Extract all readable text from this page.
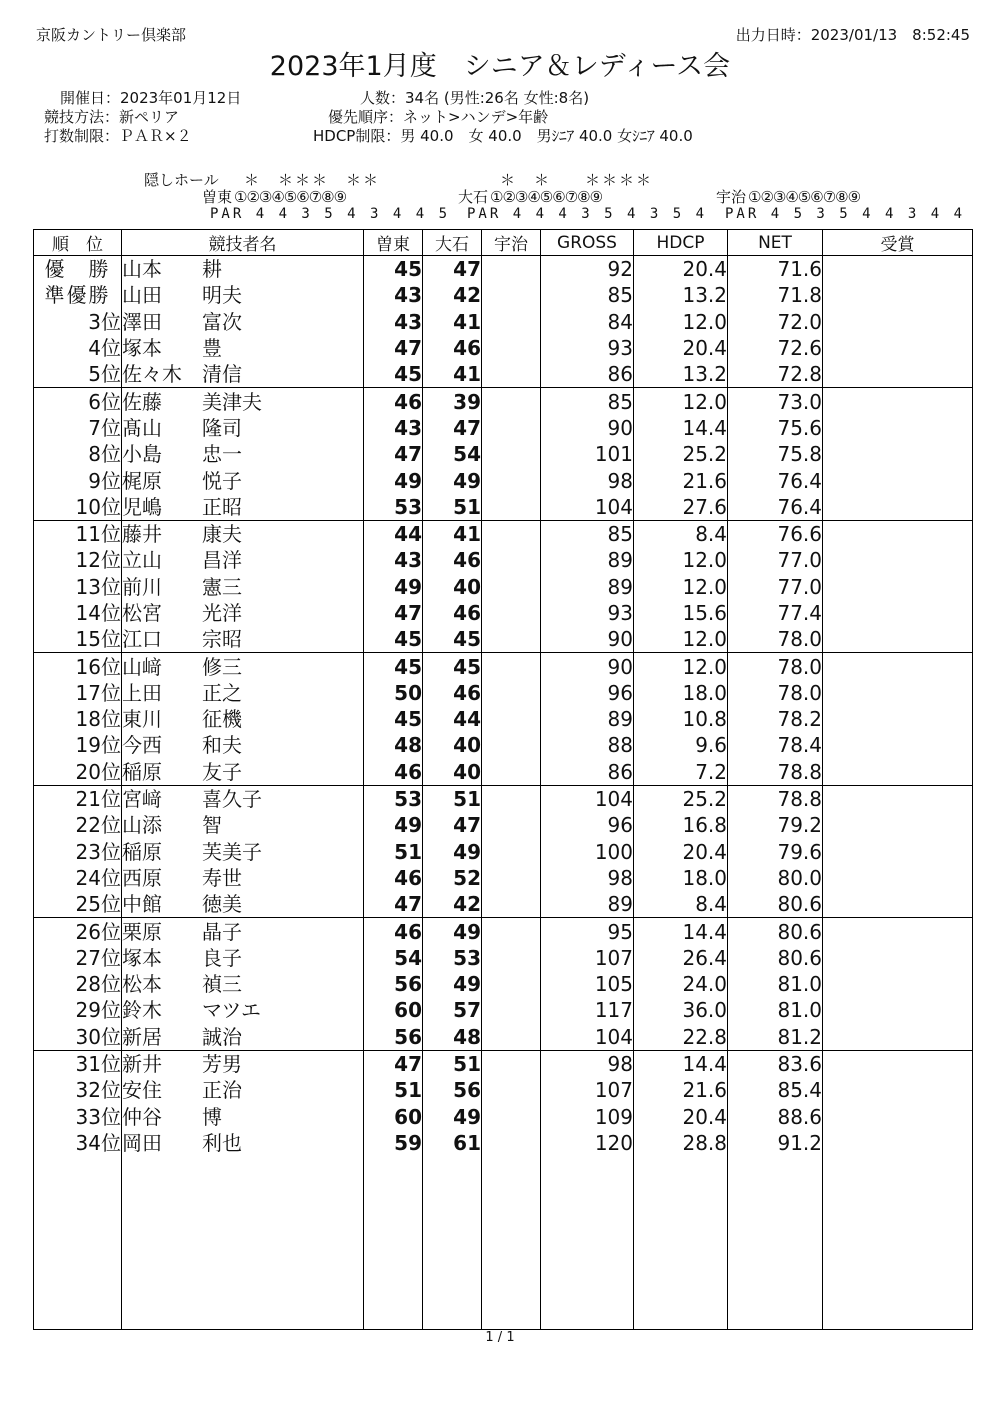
京阪カントリー倶楽部	出力日時：2023/01/13　8:52:45
2023年1月度　シニア＆レディース会
開催日：2023年01月12日
競技方法：新ペリア
打数制限：ＰＡＲ×２
人数：34名 (男性:26名 女性:8名)
優先順序：ネット>ハンデ>年齢
HDCP制限：男 40.0　女 40.0　男ｼﾆｱ 40.0 女ｼﾆｱ 40.0
隠しホール ＊　＊＊＊　＊＊	＊　＊　　＊＊＊＊
曽東 ①②③④⑤⑥⑦⑧⑨
PAR 4 4 3 5 4 3 4 4 5
大石 ①②③④⑤⑥⑦⑧⑨
PAR 4 4 4 3 5 4 3 5 4
宇治 ①②③④⑤⑥⑦⑧⑨
PAR 4 5 3 5 4 4 3 4 4
順　位	競技者名	曽東	大石	宇治	GROSS	HDCP	NET	受賞
優　勝	山本 耕	45	47		92	20.4	71.6	
準優勝	山田 明夫	43	42		85	13.2	71.8	
3位	澤田 富次	43	41		84	12.0	72.0	
4位	塚本 豊	47	46		93	20.4	72.6	
5位	佐々木 清信	45	41		86	13.2	72.8	
6位	佐藤 美津夫	46	39		85	12.0	73.0	
7位	髙山 隆司	43	47		90	14.4	75.6	
8位	小島 忠一	47	54		101	25.2	75.8	
9位	梶原 悦子	49	49		98	21.6	76.4	
10位	児嶋 正昭	53	51		104	27.6	76.4	
11位	藤井 康夫	44	41		85	8.4	76.6	
12位	立山 昌洋	43	46		89	12.0	77.0	
13位	前川 憲三	49	40		89	12.0	77.0	
14位	松宮 光洋	47	46		93	15.6	77.4	
15位	江口 宗昭	45	45		90	12.0	78.0	
16位	山﨑 修三	45	45		90	12.0	78.0	
17位	上田 正之	50	46		96	18.0	78.0	
18位	東川 征機	45	44		89	10.8	78.2	
19位	今西 和夫	48	40		88	9.6	78.4	
20位	稲原 友子	46	40		86	7.2	78.8	
21位	宮﨑 喜久子	53	51		104	25.2	78.8	
22位	山添 智	49	47		96	16.8	79.2	
23位	稲原 芙美子	51	49		100	20.4	79.6	
24位	西原 寿世	46	52		98	18.0	80.0	
25位	中館 徳美	47	42		89	8.4	80.6	
26位	栗原 晶子	46	49		95	14.4	80.6	
27位	塚本 良子	54	53		107	26.4	80.6	
28位	松本 禎三	56	49		105	24.0	81.0	
29位	鈴木 マツエ	60	57		117	36.0	81.0	
30位	新居 誠治	56	48		104	22.8	81.2	
31位	新井 芳男	47	51		98	14.4	83.6	
32位	安住 正治	51	56		107	21.6	85.4	
33位	仲谷 博	60	49		109	20.4	88.6	
34位	岡田 利也	59	61		120	28.8	91.2	

1 / 1
